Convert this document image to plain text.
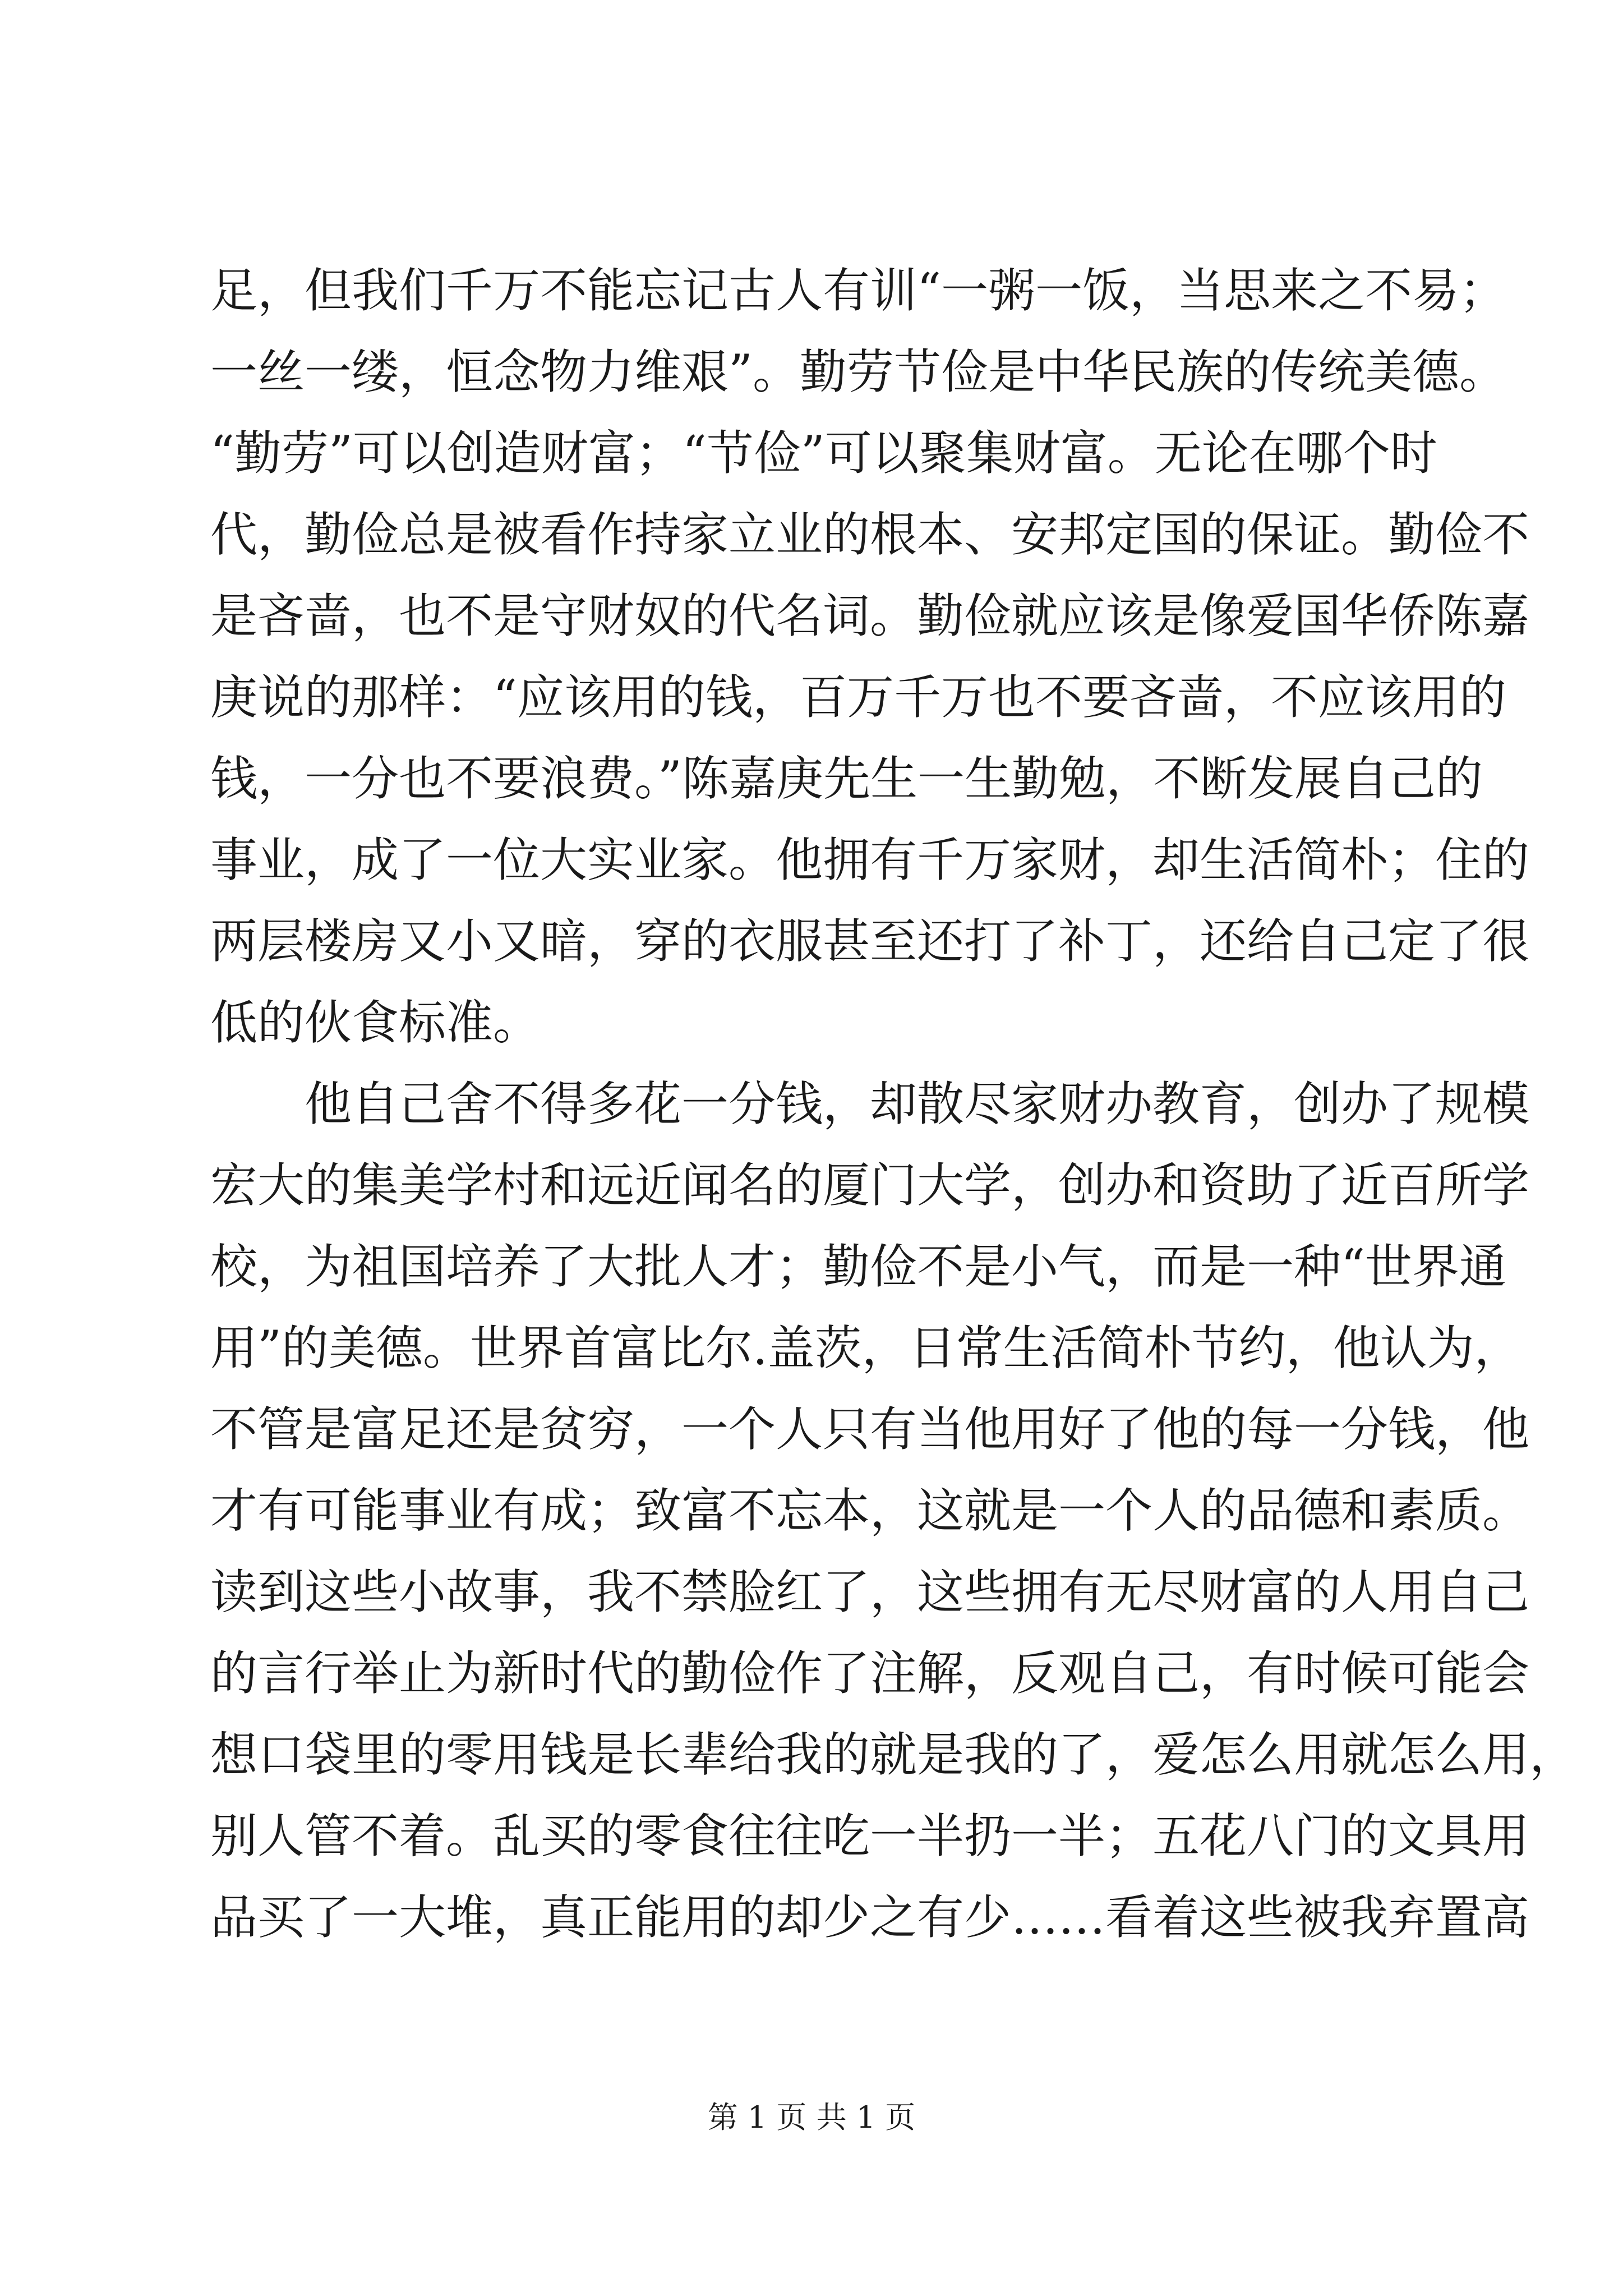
足，但我们千万不能忘记古人有训“一粥一饭，当思来之不易；
一丝一缕，恒念物力维艰”。勤劳节俭是中华民族的传统美德。
“勤劳”可以创造财富；“节俭”可以聚集财富。无论在哪个时
代，勤俭总是被看作持家立业的根本、安邦定国的保证。勤俭不
是吝啬，也不是守财奴的代名词。勤俭就应该是像爱国华侨陈嘉
庚说的那样：“应该用的钱，百万千万也不要吝啬，不应该用的
钱，一分也不要浪费。”陈嘉庚先生一生勤勉，不断发展自己的
事业，成了一位大实业家。他拥有千万家财，却生活简朴；住的
两层楼房又小又暗，穿的衣服甚至还打了补丁，还给自己定了很
低的伙食标准。
他自己舍不得多花一分钱，却散尽家财办教育，创办了规模
宏大的集美学村和远近闻名的厦门大学，创办和资助了近百所学
校，为祖国培养了大批人才；勤俭不是小气，而是一种“世界通
用”的美德。世界首富比尔.盖茨，日常生活简朴节约，他认为，
不管是富足还是贫穷，一个人只有当他用好了他的每一分钱，他
才有可能事业有成；致富不忘本，这就是一个人的品德和素质。
读到这些小故事，我不禁脸红了，这些拥有无尽财富的人用自己
的言行举止为新时代的勤俭作了注解，反观自己，有时候可能会
想口袋里的零用钱是长辈给我的就是我的了，爱怎么用就怎么用，
别人管不着。乱买的零食往往吃一半扔一半；五花八门的文具用
品买了一大堆，真正能用的却少之有少……看着这些被我弃置高
第 1 页 共 1 页
